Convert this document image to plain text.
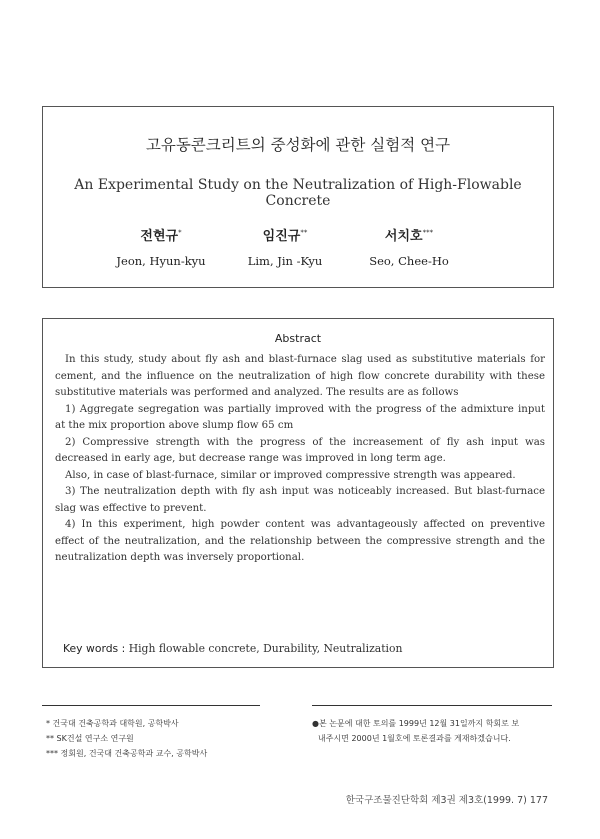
고유동콘크리트의 중성화에 관한 실험적 연구
An Experimental Study on the Neutralization of High-Flowable Concrete
전현규*
Jeon, Hyun-kyu
임진규**
Lim, Jin -Kyu
서치호***
Seo, Chee-Ho
Abstract

In this study, study about fly ash and blast-furnace slag used as substitutive materials for cement, and the influence on the neutralization of high flow concrete durability with these substitutive materials was performed and analyzed. The results are as follows

1) Aggregate segregation was partially improved with the progress of the admixture input at the mix proportion above slump flow 65 cm

2) Compressive strength with the progress of the increasement of fly ash input was decreased in early age, but decrease range was improved in long term age.

Also, in case of blast-furnace, similar or improved compressive strength was appeared.

3) The neutralization depth with fly ash input was noticeably increased. But blast-furnace slag was effective to prevent.

4) In this experiment, high powder content was advantageously affected on preventive effect of the neutralization, and the relationship between the compressive strength and the neutralization depth was inversely proportional.

Key words : High flowable concrete, Durability, Neutralization
* 건국대 건축공학과 대학원, 공학박사
** SK건설 연구소 연구원
*** 정회원, 건국대 건축공학과 교수, 공학박사
●본 논문에 대한 토의를 1999년 12월 31일까지 학회로 보
내주시면 2000년 1월호에 토론결과를 게재하겠습니다.
한국구조물진단학회 제3권 제3호(1999. 7) 177
